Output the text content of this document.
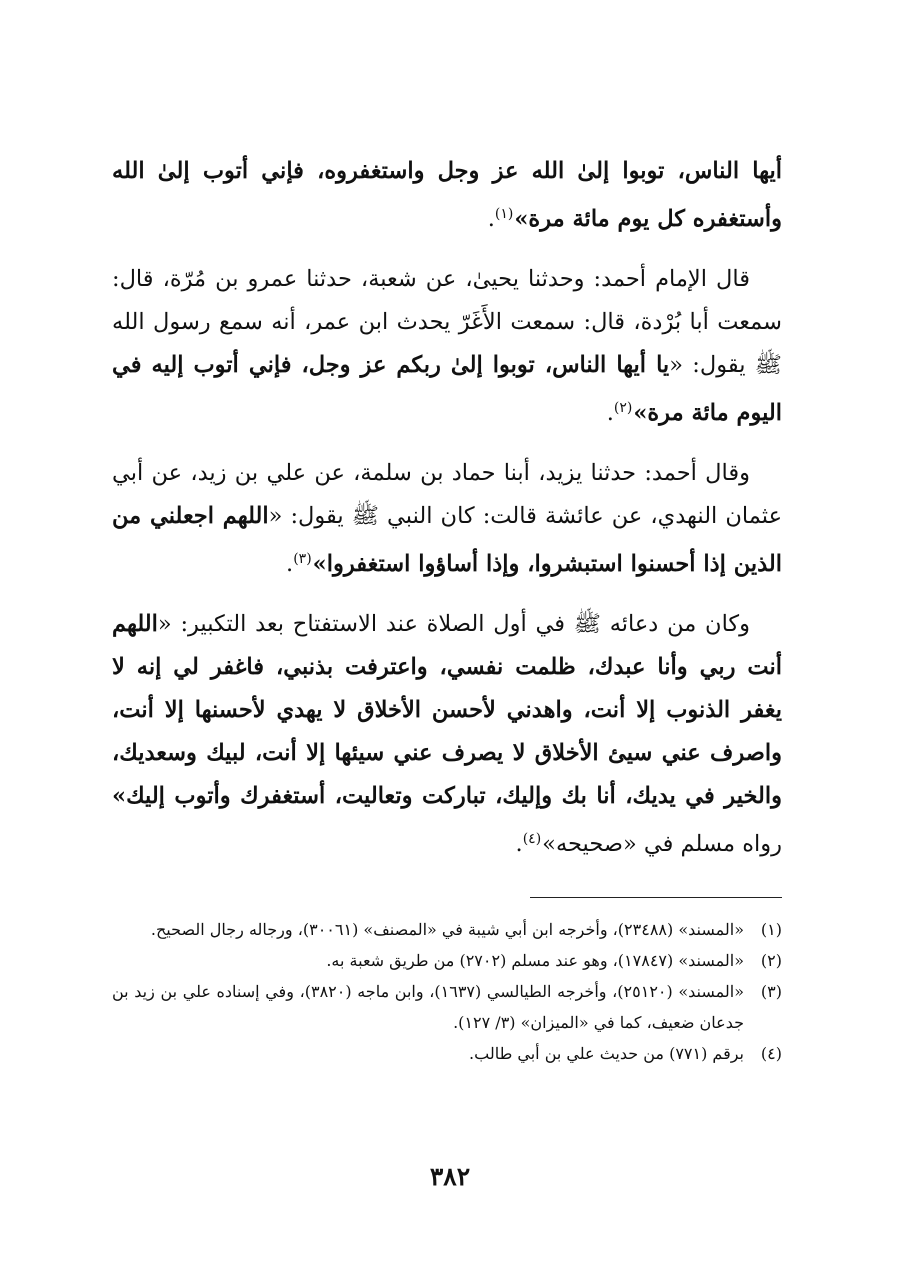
أيها الناس، توبوا إلىٰ الله عز وجل واستغفروه، فإني أتوب إلىٰ الله وأستغفره كل يوم مائة مرة»$^{(١)}$.

قال الإمام أحمد: وحدثنا يحيىٰ، عن شعبة، حدثنا عمرو بن مُرّة، قال: سمعت أبا بُرْدة، قال: سمعت الأَغَرّ يحدث ابن عمر، أنه سمع رسول الله ﷺ يقول: «يا أيها الناس، توبوا إلىٰ ربكم عز وجل، فإني أتوب إليه في اليوم مائة مرة»$^{(٢)}$.

وقال أحمد: حدثنا يزيد، أبنا حماد بن سلمة، عن علي بن زيد، عن أبي عثمان النهدي، عن عائشة قالت: كان النبي ﷺ يقول: «اللهم اجعلني من الذين إذا أحسنوا استبشروا، وإذا أساؤوا استغفروا»$^{(٣)}$.

وكان من دعائه ﷺ في أول الصلاة عند الاستفتاح بعد التكبير: «اللهم أنت ربي وأنا عبدك، ظلمت نفسي، واعترفت بذنبي، فاغفر لي إنه لا يغفر الذنوب إلا أنت، واهدني لأحسن الأخلاق لا يهدي لأحسنها إلا أنت، واصرف عني سيئ الأخلاق لا يصرف عني سيئها إلا أنت، لبيك وسعديك، والخير في يديك، أنا بك وإليك، تباركت وتعاليت، أستغفرك وأتوب إليك» رواه مسلم في «صحيحه»$^{(٤)}$.

(١)
«المسند» (٢٣٤٨٨)، وأخرجه ابن أبي شيبة في «المصنف» (٣٠٠٦١)، ورجاله رجال الصحيح.
(٢)
«المسند» (١٧٨٤٧)، وهو عند مسلم (٢٧٠٢) من طريق شعبة به.
(٣)
«المسند» (٢٥١٢٠)، وأخرجه الطيالسي (١٦٣٧)، وابن ماجه (٣٨٢٠)، وفي إسناده علي بن زيد بن جدعان ضعيف، كما في «الميزان» (٣/ ١٢٧).
(٤)
برقم (٧٧١) من حديث علي بن أبي طالب.
٣٨٢
